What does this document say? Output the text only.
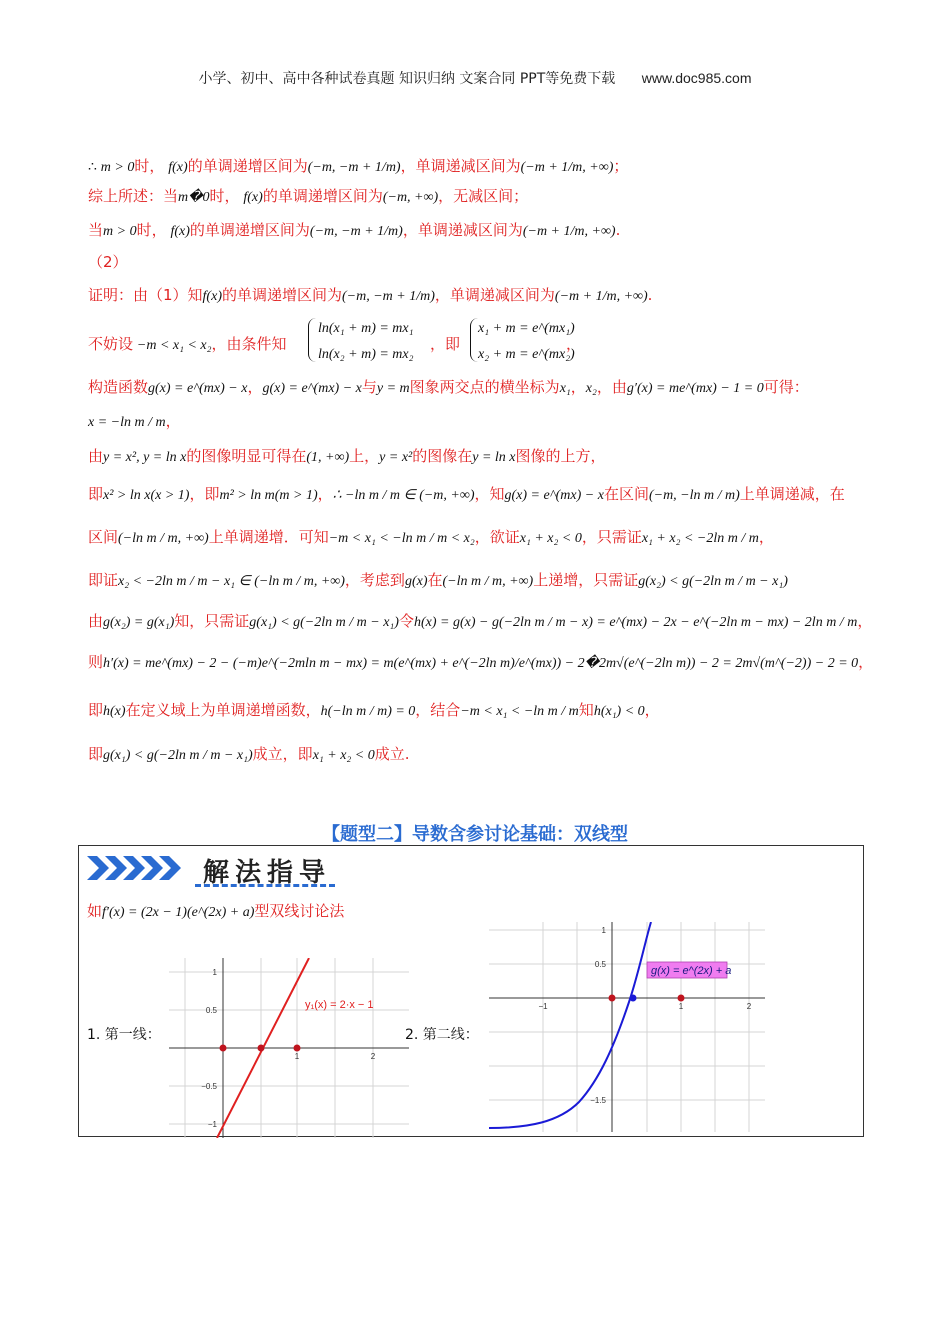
小学、初中、高中各种试卷真题 知识归纳 文案合同 PPT等免费下载 www.doc985.com
∴ m > 0时， f(x)的单调递增区间为(−m, −m + 1/m)，单调递减区间为(−m + 1/m, +∞)；
综上所述：当m�0时， f(x)的单调递增区间为(−m, +∞)，无减区间；
当m > 0时， f(x)的单调递增区间为(−m, −m + 1/m)，单调递减区间为(−m + 1/m, +∞).
（2）
证明：由（1）知f(x)的单调递增区间为(−m, −m + 1/m)，单调递减区间为(−m + 1/m, +∞).
不妨设 −m < x₁ < x₂，由条件知
ln(x₁ + m) = mx₁
ln(x₂ + m) = mx₂
，即
x₁ + m = e^(mx₁)
x₂ + m = e^(mx₂)
，
构造函数g(x) = e^(mx) − x，g(x) = e^(mx) − x与y = m图象两交点的横坐标为x₁，x₂，由g′(x) = me^(mx) − 1 = 0可得：
x = −ln m / m，
由y = x², y = ln x的图像明显可得在(1, +∞)上，y = x²的图像在y = ln x图像的上方，
即x² > ln x(x > 1)，即m² > ln m(m > 1)，∴ −ln m / m ∈ (−m, +∞)，知g(x) = e^(mx) − x在区间(−m, −ln m / m)上单调递减，在
区间(−ln m / m, +∞)上单调递增．可知−m < x₁ < −ln m / m < x₂，欲证x₁ + x₂ < 0，只需证x₁ + x₂ < −2ln m / m，
即证x₂ < −2ln m / m − x₁ ∈ (−ln m / m, +∞)，考虑到g(x)在(−ln m / m, +∞)上递增，只需证g(x₂) < g(−2ln m / m − x₁)
由g(x₂) = g(x₁)知，只需证g(x₁) < g(−2ln m / m − x₁)令h(x) = g(x) − g(−2ln m / m − x) = e^(mx) − 2x − e^(−2ln m − mx) − 2ln m / m，
则h′(x) = me^(mx) − 2 − (−m)e^(−2mln m − mx) = m(e^(mx) + e^(−2ln m)/e^(mx)) − 2�2m√(e^(−2ln m)) − 2 = 2m√(m^(−2)) − 2 = 0，
即h(x)在定义域上为单调递增函数，h(−ln m / m) = 0，结合−m < x₁ < −ln m / m知h(x₁) < 0，
即g(x₁) < g(−2ln m / m − x₁)成立，即x₁ + x₂ < 0成立.
【题型二】导数含参讨论基础：双线型
解法指导
如f′(x) = (2x − 1)(e^(2x) + a)型双线讨论法
1. 第一线：	2. 第二线：
1
0.5
−0.5
−1
1	2
y₁(x) = 2·x − 1
1
0.5
−1.5
−1	1	2
g(x) = e^(2x) + a
